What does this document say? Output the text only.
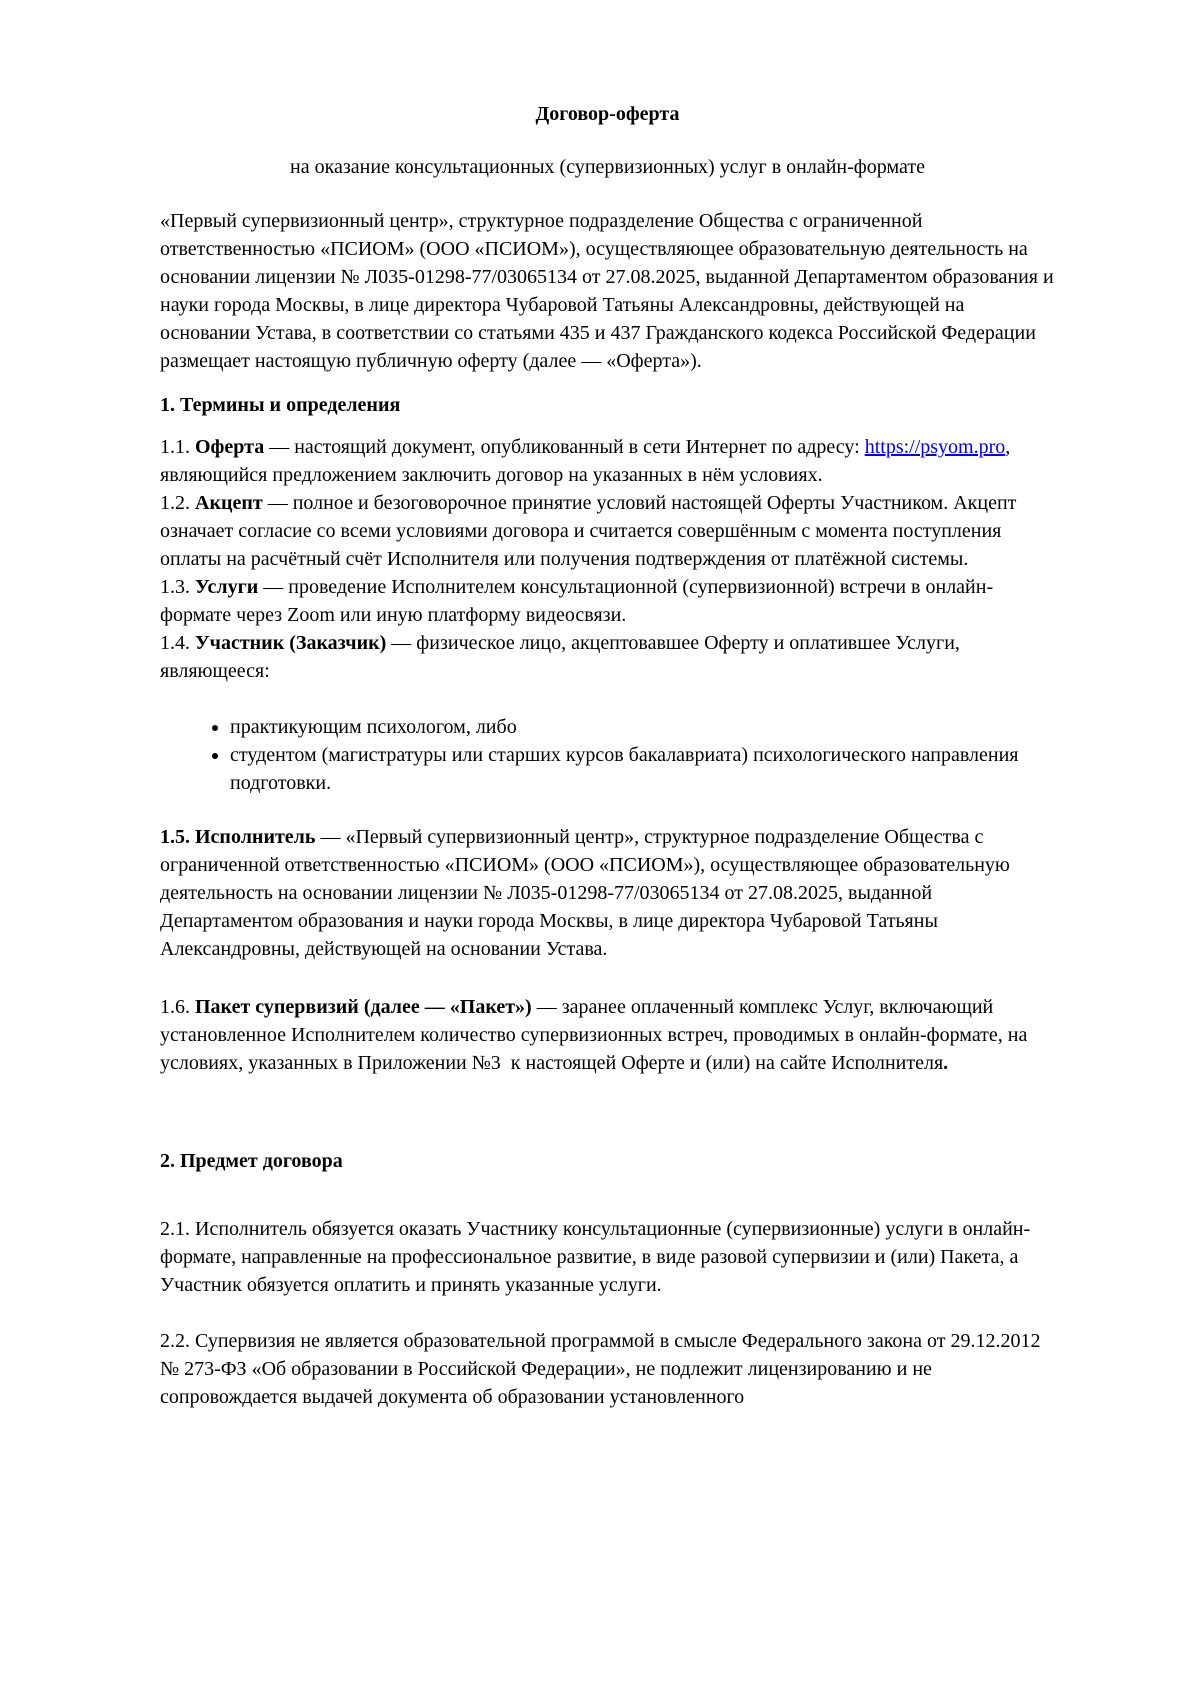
Договор-оферта

на оказание консультационных (супервизионных) услуг в онлайн-формате

«Первый супервизионный центр», структурное подразделение Общества с ограниченной ответственностью «ПСИОМ» (ООО «ПСИОМ»), осуществляющее образовательную деятельность на основании лицензии № Л035-01298-77/03065134 от 27.08.2025, выданной Департаментом образования и науки города Москвы, в лице директора Чубаровой Татьяны Александровны, действующей на основании Устава, в соответствии со статьями 435 и 437 Гражданского кодекса Российской Федерации размещает настоящую публичную оферту (далее — «Оферта»).

1. Термины и определения

1.1. Оферта — настоящий документ, опубликованный в сети Интернет по адресу: https://psyom.pro, являющийся предложением заключить договор на указанных в нём условиях.

1.2. Акцепт — полное и безоговорочное принятие условий настоящей Оферты Участником. Акцепт означает согласие со всеми условиями договора и считается совершённым с момента поступления оплаты на расчётный счёт Исполнителя или получения подтверждения от платёжной системы.

1.3. Услуги — проведение Исполнителем консультационной (супервизионной) встречи в онлайн-формате через Zoom или иную платформу видеосвязи.

1.4. Участник (Заказчик) — физическое лицо, акцептовавшее Оферту и оплатившее Услуги, являющееся:

• практикующим психологом, либо
• студентом (магистратуры или старших курсов бакалавриата) психологического направления подготовки.

1.5. Исполнитель — «Первый супервизионный центр», структурное подразделение Общества с ограниченной ответственностью «ПСИОМ» (ООО «ПСИОМ»), осуществляющее образовательную деятельность на основании лицензии № Л035-01298-77/03065134 от 27.08.2025, выданной Департаментом образования и науки города Москвы, в лице директора Чубаровой Татьяны Александровны, действующей на основании Устава.

1.6. Пакет супервизий (далее — «Пакет») — заранее оплаченный комплекс Услуг, включающий установленное Исполнителем количество супервизионных встреч, проводимых в онлайн-формате, на условиях, указанных в Приложении №3  к настоящей Оферте и (или) на сайте Исполнителя.

2. Предмет договора

2.1. Исполнитель обязуется оказать Участнику консультационные (супервизионные) услуги в онлайн-формате, направленные на профессиональное развитие, в виде разовой супервизии и (или) Пакета, а Участник обязуется оплатить и принять указанные услуги.

2.2. Супервизия не является образовательной программой в смысле Федерального закона от 29.12.2012 № 273-ФЗ «Об образовании в Российской Федерации», не подлежит лицензированию и не сопровождается выдачей документа об образовании установленного
